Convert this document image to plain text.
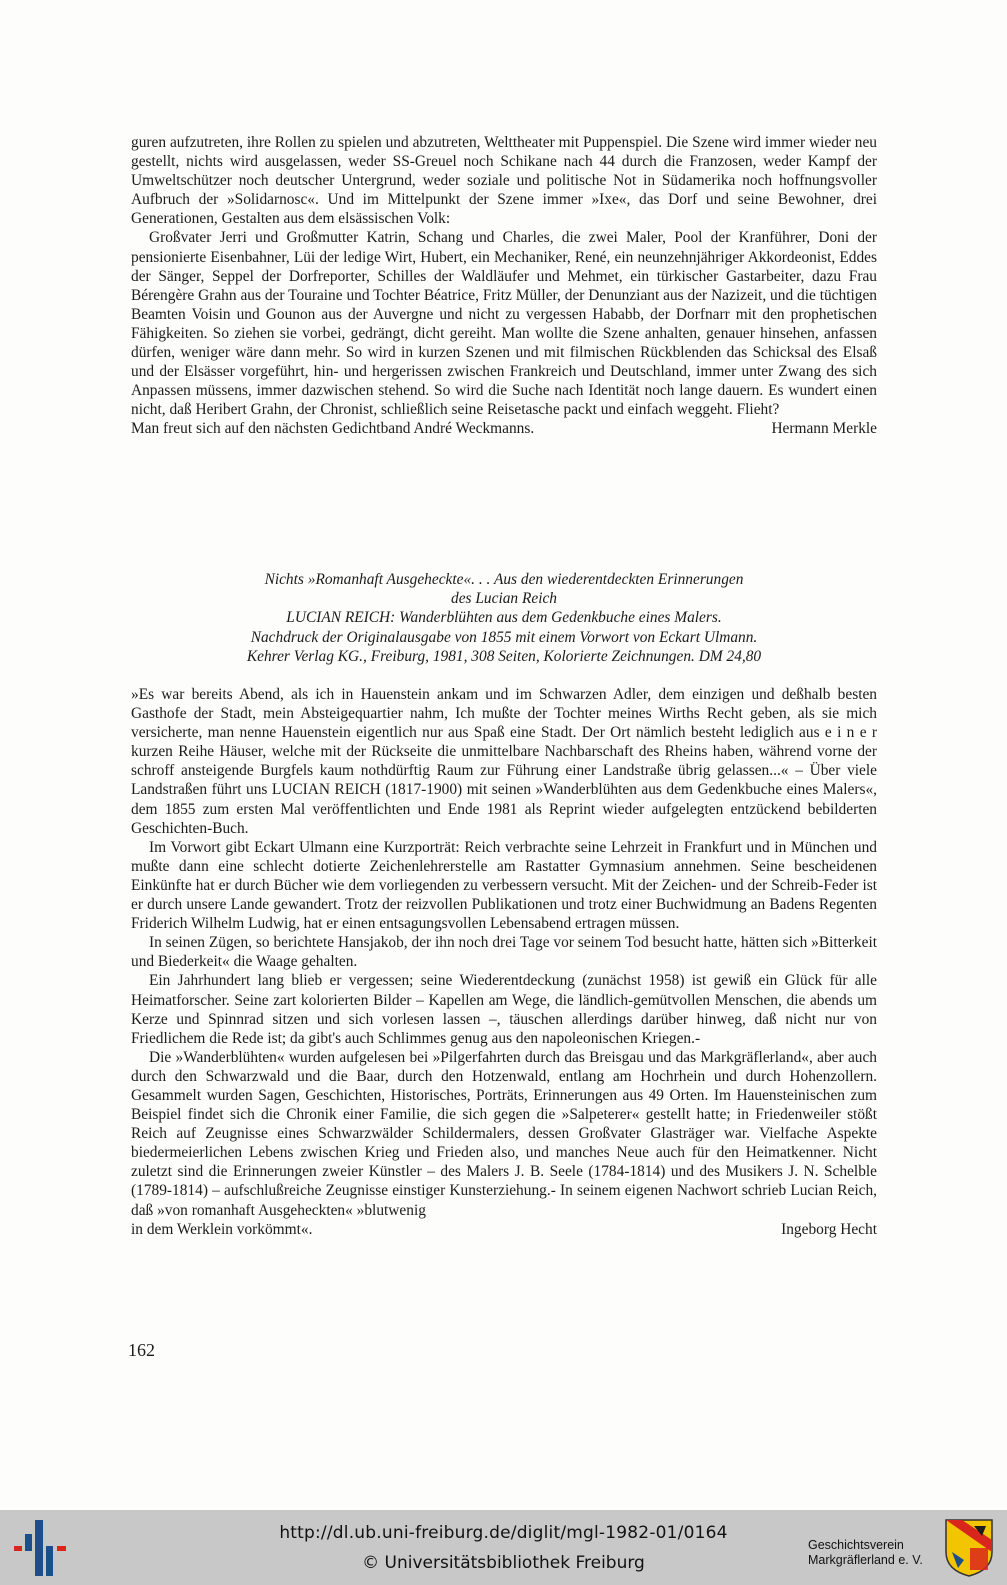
guren aufzutreten, ihre Rollen zu spielen und abzutreten, Welttheater mit Puppenspiel. Die Szene wird immer wieder neu gestellt, nichts wird ausgelassen, weder SS-Greuel noch Schikane nach 44 durch die Franzosen, weder Kampf der Umweltschützer noch deutscher Untergrund, weder soziale und politische Not in Südamerika noch hoffnungsvoller Aufbruch der »Solidarnosc«. Und im Mittelpunkt der Szene immer »Ixe«, das Dorf und seine Bewohner, drei Generationen, Gestalten aus dem elsässischen Volk:

Großvater Jerri und Großmutter Katrin, Schang und Charles, die zwei Maler, Pool der Kranführer, Doni der pensionierte Eisenbahner, Lüi der ledige Wirt, Hubert, ein Mechaniker, René, ein neunzehnjähriger Akkordeonist, Eddes der Sänger, Seppel der Dorfreporter, Schilles der Waldläufer und Mehmet, ein türkischer Gastarbeiter, dazu Frau Bérengère Grahn aus der Touraine und Tochter Béatrice, Fritz Müller, der Denunziant aus der Nazizeit, und die tüchtigen Beamten Voisin und Gounon aus der Auvergne und nicht zu vergessen Hababb, der Dorfnarr mit den prophetischen Fähigkeiten. So ziehen sie vorbei, gedrängt, dicht gereiht. Man wollte die Szene anhalten, genauer hinsehen, anfassen dürfen, weniger wäre dann mehr. So wird in kurzen Szenen und mit filmischen Rückblenden das Schicksal des Elsaß und der Elsässer vorgeführt, hin- und hergerissen zwischen Frankreich und Deutschland, immer unter Zwang des sich Anpassen müssens, immer dazwischen stehend. So wird die Suche nach Identität noch lange dauern. Es wundert einen nicht, daß Heribert Grahn, der Chronist, schließlich seine Reisetasche packt und einfach weggeht. Flieht?

Man freut sich auf den nächsten Gedichtband André Weckmanns.	Hermann Merkle
Nichts »Romanhaft Ausgeheckte«. . . Aus den wiederentdeckten Erinnerungen
des Lucian Reich
LUCIAN REICH: Wanderblühten aus dem Gedenkbuche eines Malers.
Nachdruck der Originalausgabe von 1855 mit einem Vorwort von Eckart Ulmann.
Kehrer Verlag KG., Freiburg, 1981, 308 Seiten, Kolorierte Zeichnungen. DM 24,80

»Es war bereits Abend, als ich in Hauenstein ankam und im Schwarzen Adler, dem einzigen und deßhalb besten Gasthofe der Stadt, mein Absteigequartier nahm, Ich mußte der Tochter meines Wirths Recht geben, als sie mich versicherte, man nenne Hauenstein eigentlich nur aus Spaß eine Stadt. Der Ort nämlich besteht lediglich aus e i n e r kurzen Reihe Häuser, welche mit der Rückseite die unmittelbare Nachbarschaft des Rheins haben, während vorne der schroff ansteigende Burgfels kaum nothdürftig Raum zur Führung einer Landstraße übrig gelassen...« – Über viele Landstraßen führt uns LUCIAN REICH (1817-1900) mit seinen »Wanderblühten aus dem Gedenkbuche eines Malers«, dem 1855 zum ersten Mal veröffentlichten und Ende 1981 als Reprint wieder aufgelegten entzückend bebilderten Geschichten-Buch.

Im Vorwort gibt Eckart Ulmann eine Kurzporträt: Reich verbrachte seine Lehrzeit in Frankfurt und in München und mußte dann eine schlecht dotierte Zeichenlehrerstelle am Rastatter Gymnasium annehmen. Seine bescheidenen Einkünfte hat er durch Bücher wie dem vorliegenden zu verbessern versucht. Mit der Zeichen- und der Schreib-Feder ist er durch unsere Lande gewandert. Trotz der reizvollen Publikationen und trotz einer Buchwidmung an Badens Regenten Friderich Wilhelm Ludwig, hat er einen entsagungsvollen Lebensabend ertragen müssen.

In seinen Zügen, so berichtete Hansjakob, der ihn noch drei Tage vor seinem Tod besucht hatte, hätten sich »Bitterkeit und Biederkeit« die Waage gehalten.

Ein Jahrhundert lang blieb er vergessen; seine Wiederentdeckung (zunächst 1958) ist gewiß ein Glück für alle Heimatforscher. Seine zart kolorierten Bilder – Kapellen am Wege, die ländlich-gemütvollen Menschen, die abends um Kerze und Spinnrad sitzen und sich vorlesen lassen –, täuschen allerdings darüber hinweg, daß nicht nur von Friedlichem die Rede ist; da gibt's auch Schlimmes genug aus den napoleonischen Kriegen.-

Die »Wanderblühten« wurden aufgelesen bei »Pilgerfahrten durch das Breisgau und das Markgräflerland«, aber auch durch den Schwarzwald und die Baar, durch den Hotzenwald, entlang am Hochrhein und durch Hohenzollern. Gesammelt wurden Sagen, Geschichten, Historisches, Porträts, Erinnerungen aus 49 Orten. Im Hauensteinischen zum Beispiel findet sich die Chronik einer Familie, die sich gegen die »Salpeterer« gestellt hatte; in Friedenweiler stößt Reich auf Zeugnisse eines Schwarzwälder Schildermalers, dessen Großvater Glasträger war. Vielfache Aspekte biedermeierlichen Lebens zwischen Krieg und Frieden also, und manches Neue auch für den Heimatkenner. Nicht zuletzt sind die Erinnerungen zweier Künstler – des Malers J. B. Seele (1784-1814) und des Musikers J. N. Schelble (1789-1814) – aufschlußreiche Zeugnisse einstiger Kunsterziehung.- In seinem eigenen Nachwort schrieb Lucian Reich, daß »von romanhaft Ausgeheckten« »blutwenig

in dem Werklein vorkömmt«.	Ingeborg Hecht
162
http://dl.ub.uni-freiburg.de/diglit/mgl-1982-01/0164
© Universitätsbibliothek Freiburg
Geschichtsverein
Markgräflerland e. V.
